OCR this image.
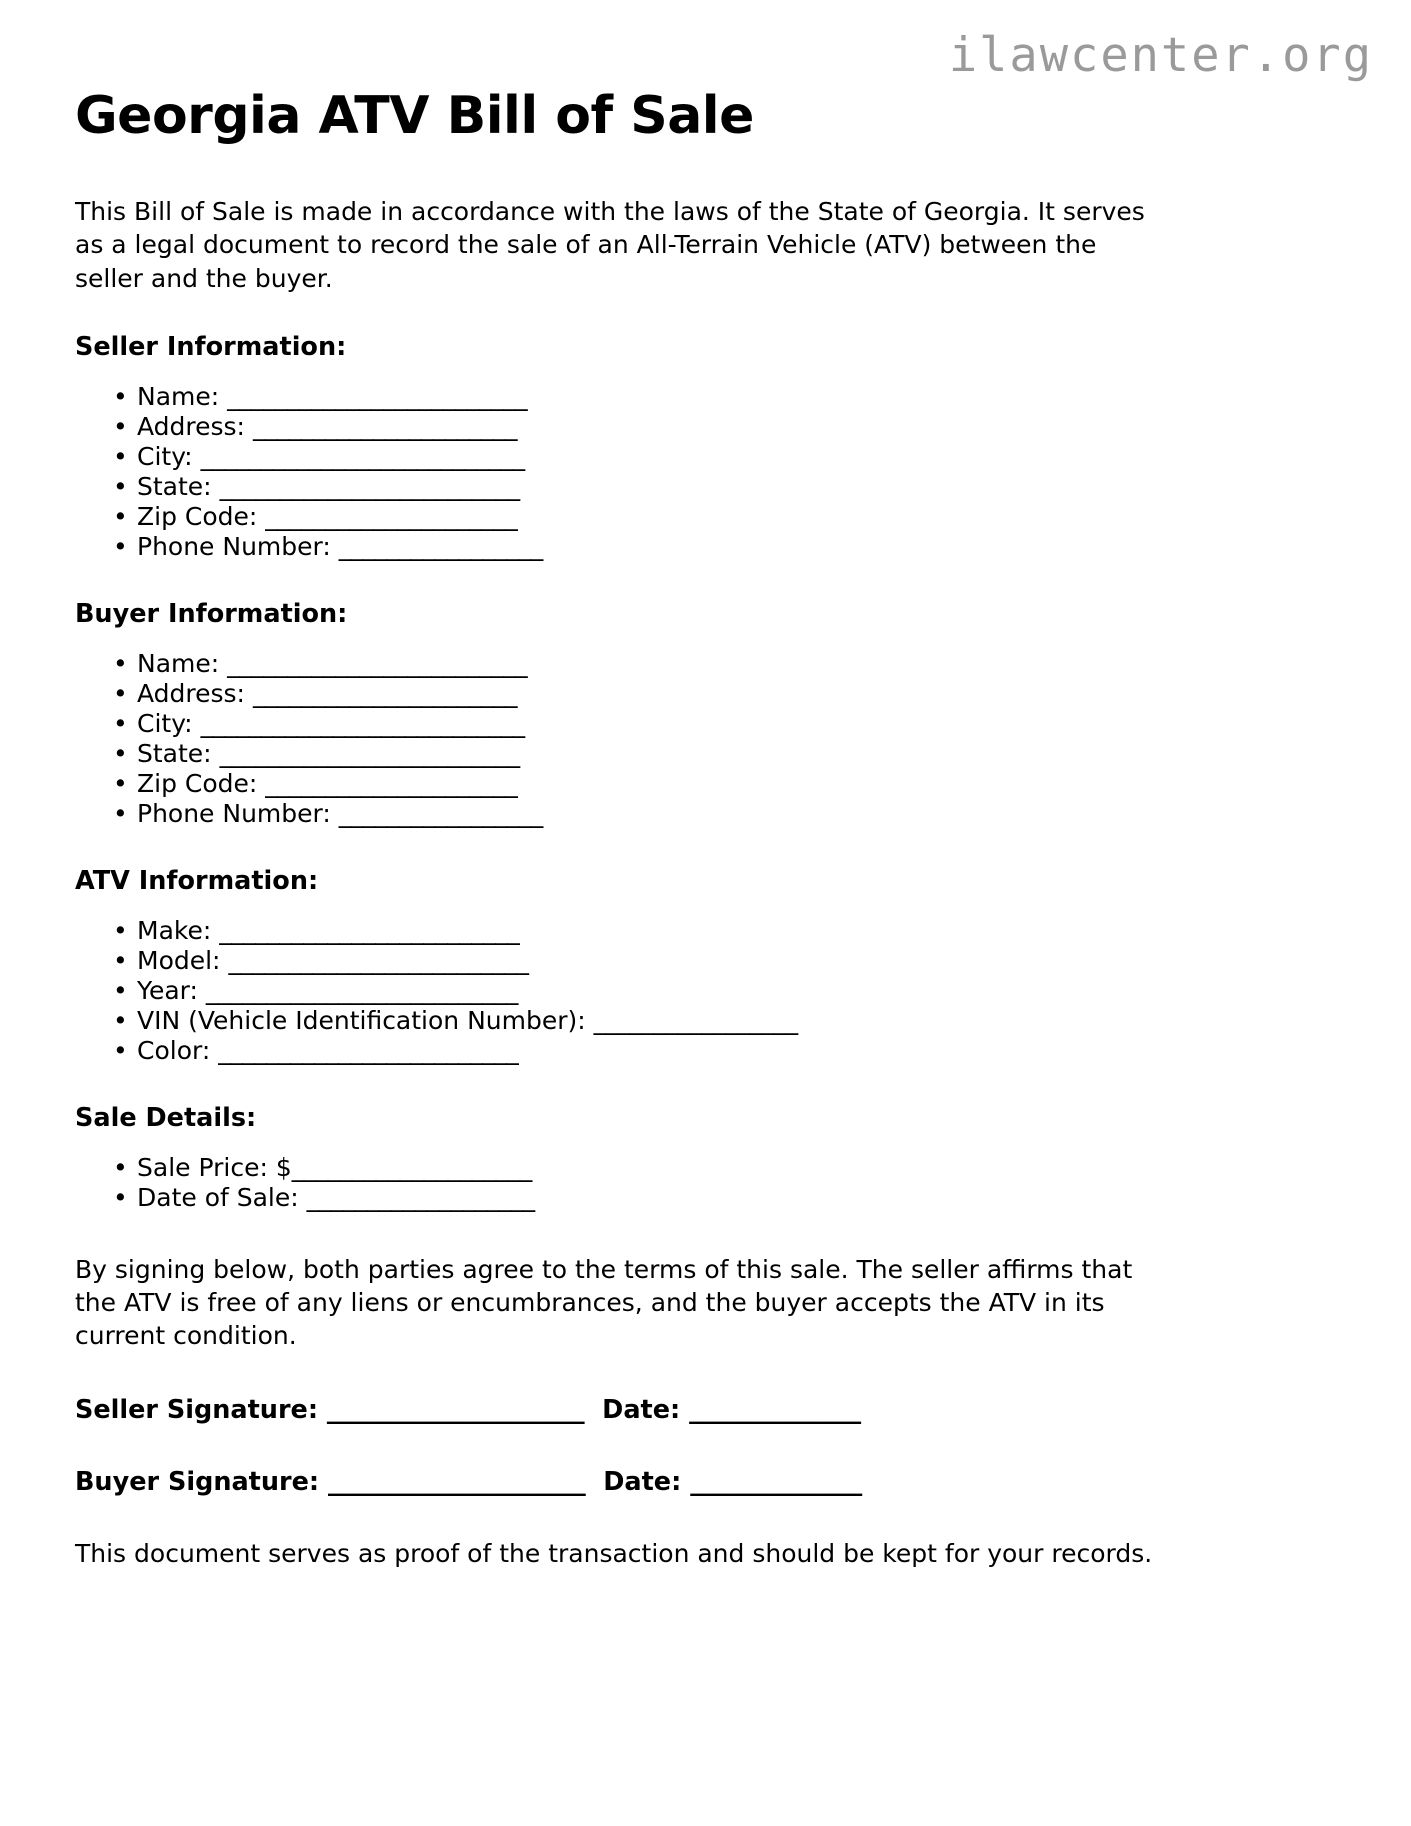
ilawcenter.org
Georgia ATV Bill of Sale

This Bill of Sale is made in accordance with the laws of the State of Georgia. It serves as a legal document to record the sale of an All-Terrain Vehicle (ATV) between the seller and the buyer.

Seller Information:
• Name: _________________________
• Address: ______________________
• City: ___________________________
• State: _________________________
• Zip Code: _____________________
• Phone Number: _________________
Buyer Information:
• Name: _________________________
• Address: ______________________
• City: ___________________________
• State: _________________________
• Zip Code: _____________________
• Phone Number: _________________
ATV Information:
• Make: _________________________
• Model: _________________________
• Year: __________________________
• VIN (Vehicle Identification Number): _________________
• Color: _________________________
Sale Details:
• Sale Price: $____________________
• Date of Sale: ___________________

By signing below, both parties agree to the terms of this sale. The seller affirms that the ATV is free of any liens or encumbrances, and the buyer accepts the ATV in its current condition.

Seller Signature: _____________________ Date: ______________
Buyer Signature: _____________________ Date: ______________

This document serves as proof of the transaction and should be kept for your records.
